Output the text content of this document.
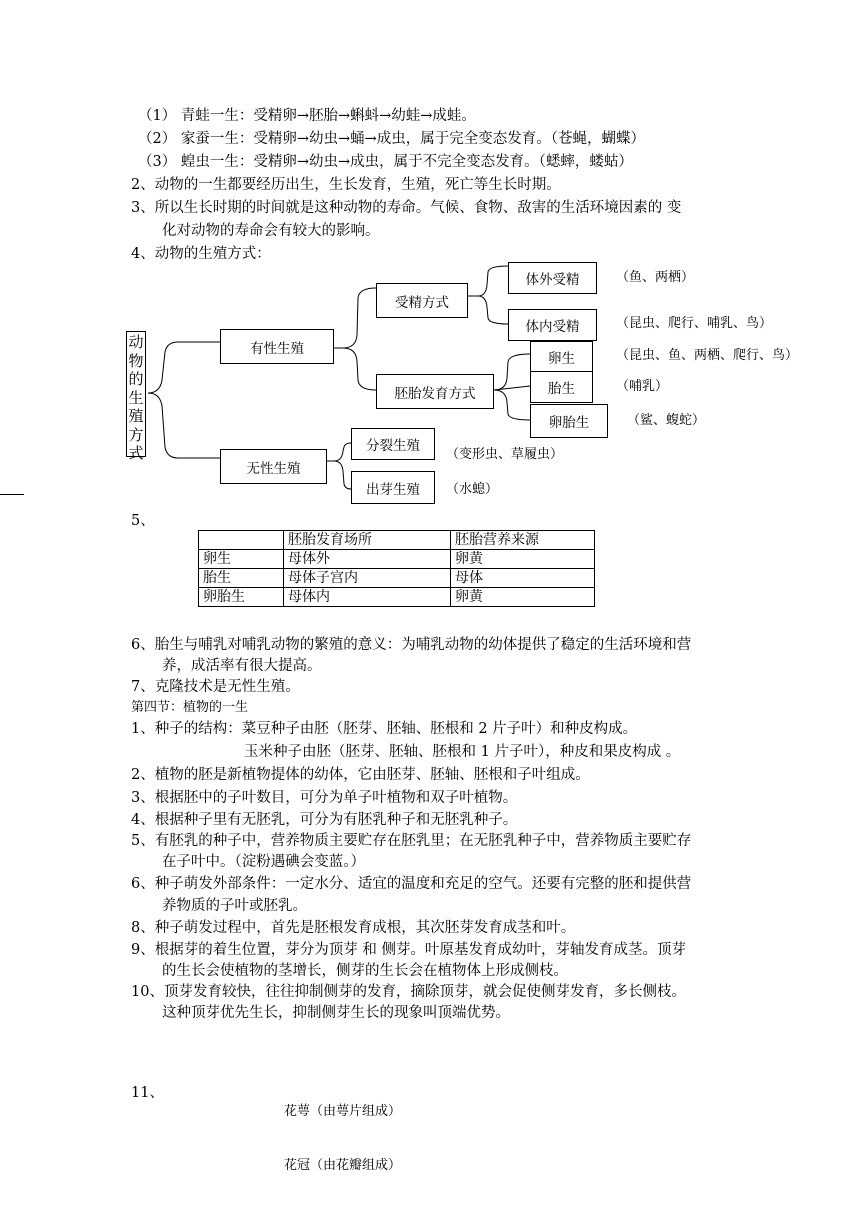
（1） 青蛙一生：受精卵→胚胎→蝌蚪→幼蛙→成蛙。
（2） 家蚕一生：受精卵→幼虫→蛹→成虫，属于完全变态发育。（苍蝇，蝴蝶）
（3） 蝗虫一生：受精卵→幼虫→成虫，属于不完全变态发育。（蟋蟀，蝼蛄）
2、动物的一生都要经历出生，生长发育，生殖，死亡等生长时期。
3、所以生长时期的时间就是这种动物的寿命。气候、食物、敌害的生活环境因素的 变
化对动物的寿命会有较大的影响。
4、动物的生殖方式：
动物的生殖方式
有性生殖
无性生殖
受精方式
胚胎发育方式
体外受精
体内受精
卵生
胎生
卵胎生
分裂生殖
出芽生殖
（鱼、两栖）
（昆虫、爬行、哺乳、鸟）
（昆虫、鱼、两栖、爬行、鸟）
（哺乳）
（鲨、蝮蛇）
（变形虫、草履虫）
（水螅）
5、
	胚胎发育场所	胚胎营养来源
卵生	母体外	卵黄
胎生	母体子宫内	母体
卵胎生	母体内	卵黄
6、胎生与哺乳对哺乳动物的繁殖的意义：为哺乳动物的幼体提供了稳定的生活环境和营
养，成活率有很大提高。
7、克隆技术是无性生殖。
第四节：植物的一生
1、种子的结构：菜豆种子由胚（胚芽、胚轴、胚根和 2 片子叶）和种皮构成。
玉米种子由胚（胚芽、胚轴、胚根和 1 片子叶），种皮和果皮构成 。
2、植物的胚是新植物提体的幼体，它由胚芽、胚轴、胚根和子叶组成。
3、根据胚中的子叶数目，可分为单子叶植物和双子叶植物。
4、根据种子里有无胚乳，可分为有胚乳种子和无胚乳种子。
5、有胚乳的种子中，营养物质主要贮存在胚乳里；在无胚乳种子中，营养物质主要贮存
在子叶中。（淀粉遇碘会变蓝。）
6、种子萌发外部条件：一定水分、适宜的温度和充足的空气。还要有完整的胚和提供营
养物质的子叶或胚乳。
8、种子萌发过程中，首先是胚根发育成根，其次胚芽发育成茎和叶。
9、根据芽的着生位置，芽分为顶芽 和 侧芽。叶原基发育成幼叶，芽轴发育成茎。顶芽
的生长会使植物的茎增长，侧芽的生长会在植物体上形成侧枝。
10、顶芽发育较快，往往抑制侧芽的发育，摘除顶芽，就会促使侧芽发育，多长侧枝。
这种顶芽优先生长，抑制侧芽生长的现象叫顶端优势。
11、
花萼（由萼片组成）
花冠（由花瓣组成）
